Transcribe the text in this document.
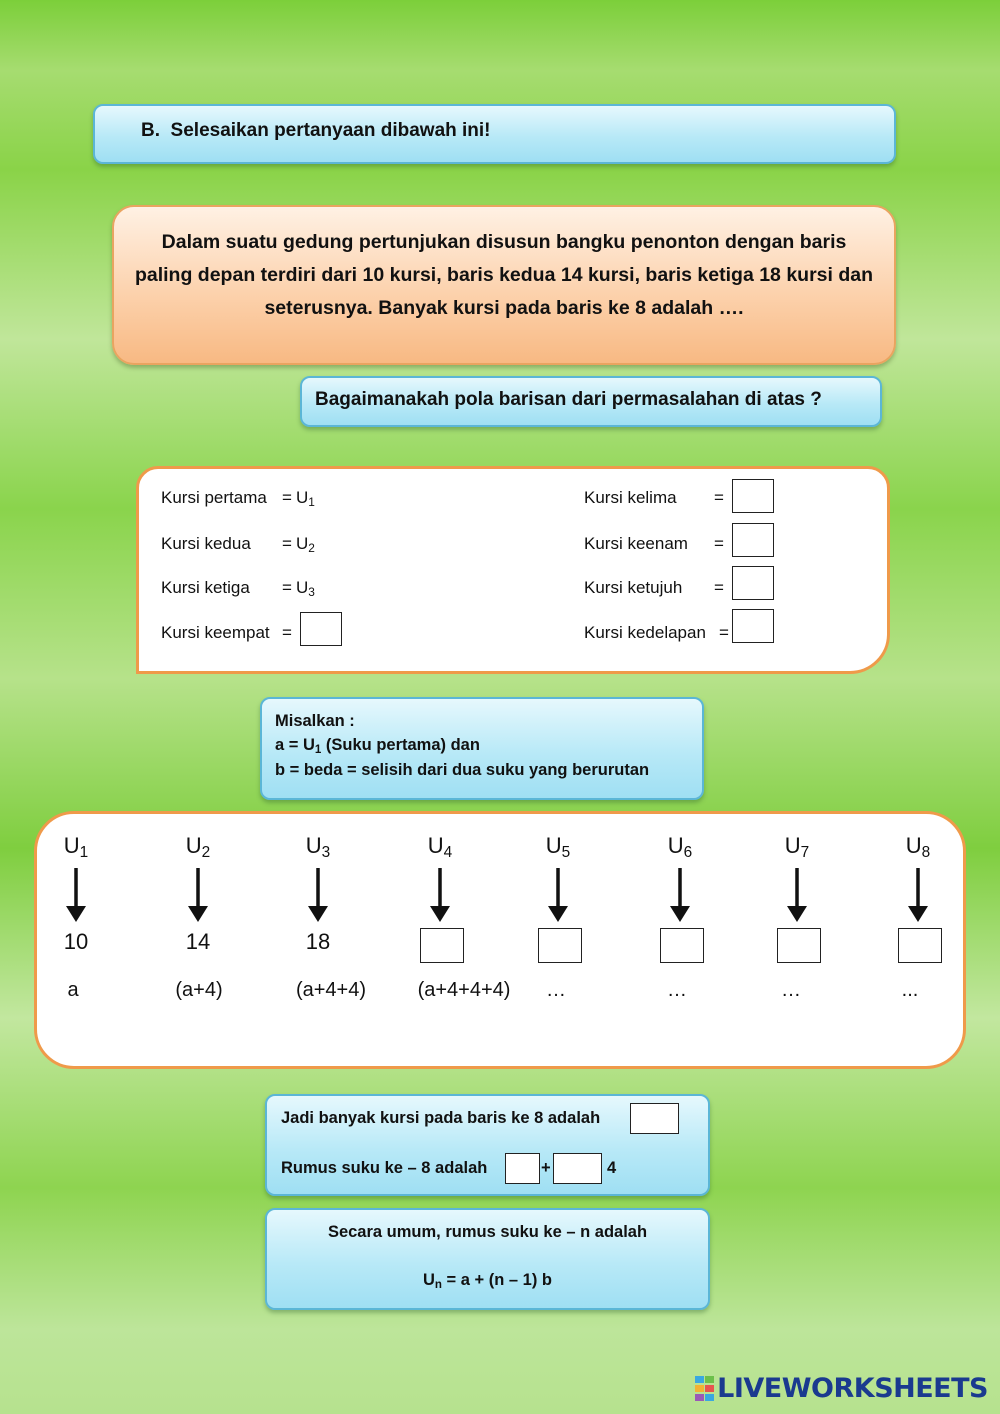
B.  Selesaikan pertanyaan dibawah ini!
Dalam suatu gedung pertunjukan disusun bangku penonton dengan baris paling depan terdiri dari 10 kursi, baris kedua 14 kursi, baris ketiga 18 kursi dan seterusnya. Banyak kursi pada baris ke 8 adalah ….
Bagaimanakah pola barisan dari permasalahan di atas ?
Kursi pertama = $U_1$
Kursi kedua = $U_2$
Kursi ketiga = $U_3$
Kursi keempat =
Kursi kelima =
Kursi keenam =
Kursi ketujuh =
Kursi kedelapan =
Misalkan :
$a = U_1$ (Suku pertama) dan
b = beda = selisih dari dua suku yang berurutan
$U_1$
10
a
$U_2$
14
(a+4)
$U_3$
18
(a+4+4)
$U_4$
(a+4+4+4)
$U_5$
…
$U_6$
…
$U_7$
…
$U_8$
...
Jadi banyak kursi pada baris ke 8 adalah
Rumus suku ke – 8 adalah	+	4
Secara umum, rumus suku ke – n adalah
$U_n = a + (n - 1)$ b
LIVEWORKSHEETS
